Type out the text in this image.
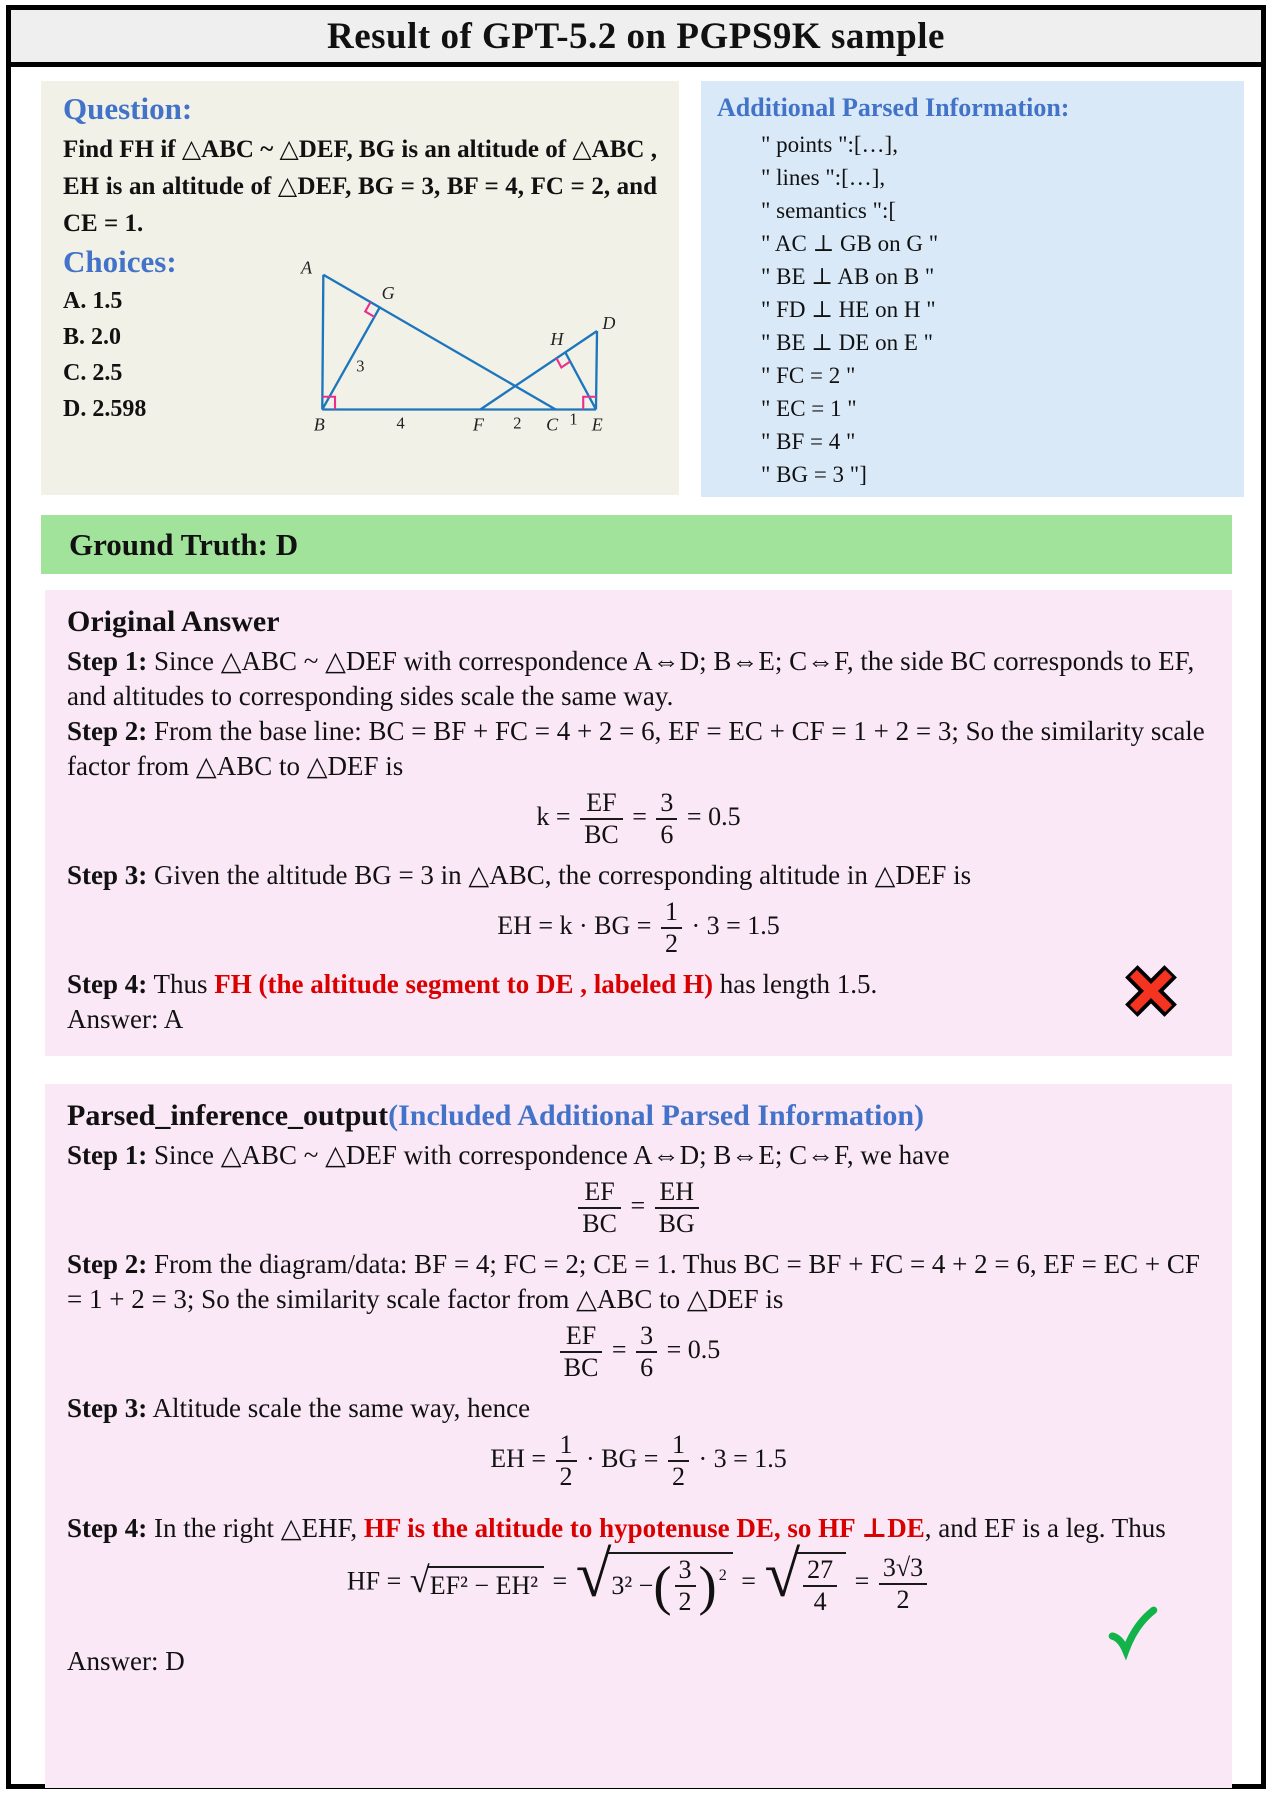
Result of GPT-5.2 on PGPS9K sample
Question:
Find FH if △ABC ~ △DEF, BG is an altitude of △ABC , EH is an altitude of △DEF, BG = 3, BF = 4, FC = 2, and CE = 1.
Choices:
A. 1.5
B. 2.0
C. 2.5
D. 2.598
A
B	C
D
E
F
G
H
4	2	1
3
Additional Parsed Information:
" points ":[…],
" lines ":[…],
" semantics ":[
" AC ⊥ GB on G "
" BE ⊥ AB on B "
" FD ⊥ HE on H "
" BE ⊥ DE on E "
" FC = 2 "
" EC = 1 "
" BF = 4 "
" BG = 3 "]
Ground Truth: D
Original Answer

Step 1: Since △ABC ~ △DEF with correspondence A⇔D; B⇔E; C⇔F, the side BC corresponds to EF, and altitudes to corresponding sides scale the same way.

Step 2: From the base line: BC = BF + FC = 4 + 2 = 6, EF = EC + CF = 1 + 2 = 3; So the similarity scale factor from △ABC to △DEF is

$k = \frac{EF}{BC} = \frac{3}{6} = 0.5$

Step 3: Given the altitude BG = 3 in △ABC, the corresponding altitude in △DEF is

EH = k · BG = $\frac{1}{2} \cdot 3 = 1.5$

Step 4: Thus FH (the altitude segment to DE , labeled H) has length 1.5.

Answer: A

Parsed_inference_output(Included Additional Parsed Information)

Step 1: Since △ABC ~ △DEF with correspondence A⇔D; B⇔E; C⇔F, we have

$\frac{EF}{BC} = \frac{EH}{BG}$

Step 2: From the diagram/data: BF = 4; FC = 2; CE = 1. Thus BC = BF + FC = 4 + 2 = 6, EF = EC + CF = 1 + 2 = 3; So the similarity scale factor from △ABC to △DEF is

$\frac{EF}{BC} = \frac{3}{6} = 0.5$

Step 3: Altitude scale the same way, hence

EH = $\frac{1}{2}$ · BG = $\frac{1}{2} \cdot 3 = 1.5$

Step 4: In the right △EHF, HF is the altitude to hypotenuse DE, so HF ⊥DE, and EF is a leg. Thus

HF = √ EF² − EH² = √ 3² − ( $\frac{3}{2} )^2$ = √ $\frac{27}{4} = \frac{3√3}{2}$

Answer: D
